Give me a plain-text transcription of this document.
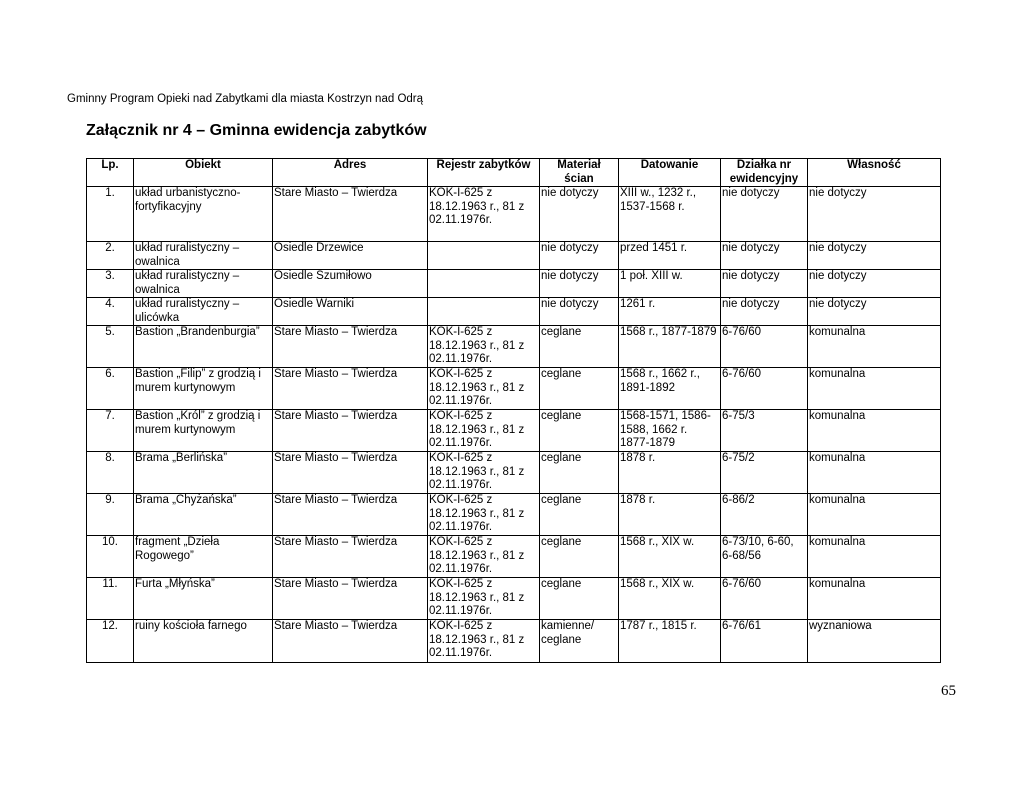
Gminny Program Opieki nad Zabytkami dla miasta Kostrzyn nad Odrą
Załącznik nr 4 – Gminna ewidencja zabytków
Lp.	Obiekt	Adres	Rejestr zabytków	Materiał ścian	Datowanie	Działka nr ewidencyjny	Własność
1.	układ urbanistyczno-fortyfikacyjny	Stare Miasto – Twierdza	KOK-I-625 z 18.12.1963 r., 81 z 02.11.1976r.	nie dotyczy	XIII w., 1232 r., 1537-1568 r.	nie dotyczy	nie dotyczy
2.	układ ruralistyczny – owalnica	Osiedle Drzewice		nie dotyczy	przed 1451 r.	nie dotyczy	nie dotyczy
3.	układ ruralistyczny – owalnica	Osiedle Szumiłowo		nie dotyczy	1 poł. XIII w.	nie dotyczy	nie dotyczy
4.	układ ruralistyczny – ulicówka	Osiedle Warniki		nie dotyczy	1261 r.	nie dotyczy	nie dotyczy
5.	Bastion „Brandenburgia”	Stare Miasto – Twierdza	KOK-I-625 z 18.12.1963 r., 81 z 02.11.1976r.	ceglane	1568 r., 1877-1879	6-76/60	komunalna
6.	Bastion „Filip” z grodzią i murem kurtynowym	Stare Miasto – Twierdza	KOK-I-625 z 18.12.1963 r., 81 z 02.11.1976r.	ceglane	1568 r., 1662 r., 1891-1892	6-76/60	komunalna
7.	Bastion „Król” z grodzią i murem kurtynowym	Stare Miasto – Twierdza	KOK-I-625 z 18.12.1963 r., 81 z 02.11.1976r.	ceglane	1568-1571, 1586-1588, 1662 r. 1877-1879	6-75/3	komunalna
8.	Brama „Berlińska”	Stare Miasto – Twierdza	KOK-I-625 z 18.12.1963 r., 81 z 02.11.1976r.	ceglane	1878 r.	6-75/2	komunalna
9.	Brama „Chyżańska”	Stare Miasto – Twierdza	KOK-I-625 z 18.12.1963 r., 81 z 02.11.1976r.	ceglane	1878 r.	6-86/2	komunalna
10.	fragment „Dzieła Rogowego”	Stare Miasto – Twierdza	KOK-I-625 z 18.12.1963 r., 81 z 02.11.1976r.	ceglane	1568 r., XIX w.	6-73/10, 6-60, 6-68/56	komunalna
11.	Furta „Młyńska”	Stare Miasto – Twierdza	KOK-I-625 z 18.12.1963 r., 81 z 02.11.1976r.	ceglane	1568 r., XIX w.	6-76/60	komunalna
12.	ruiny kościoła farnego	Stare Miasto – Twierdza	KOK-I-625 z 18.12.1963 r., 81 z 02.11.1976r.	kamienne/ ceglane	1787 r., 1815 r.	6-76/61	wyznaniowa
65
